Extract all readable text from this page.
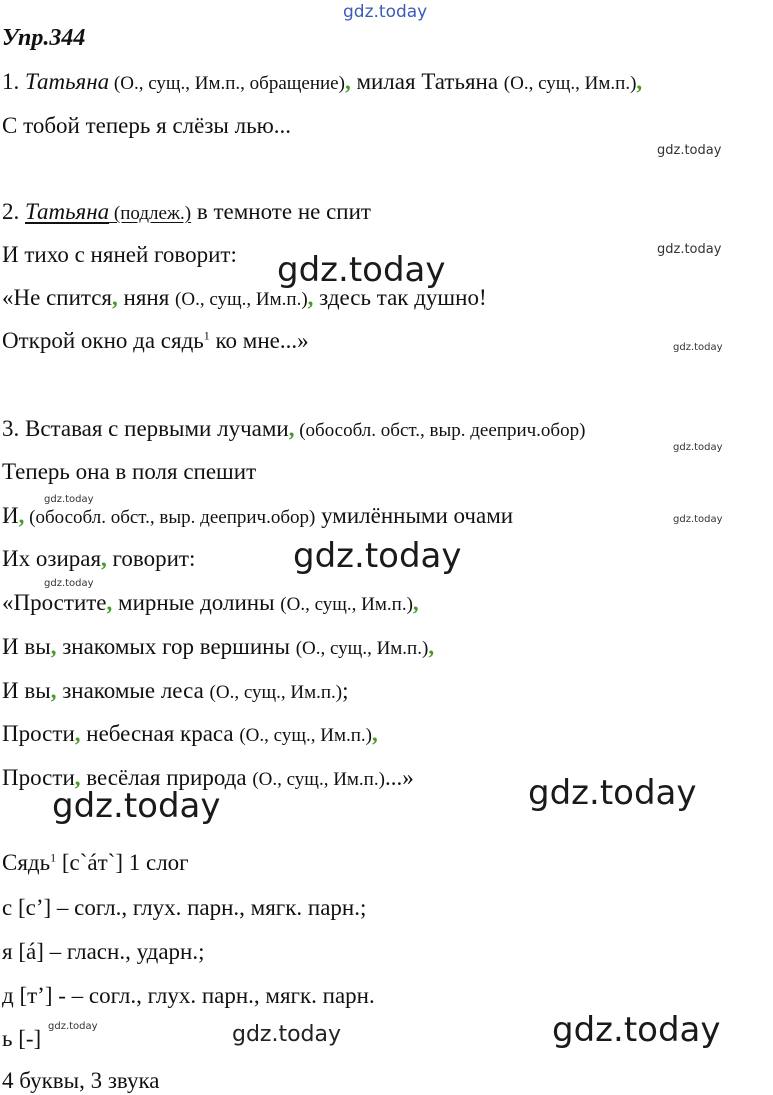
gdz.today
Упр.344
1. Татьяна (О., сущ., Им.п., обращение), милая Татьяна (О., сущ., Им.п.),
С тобой теперь я слёзы лью...
gdz.today
2. Татьяна (подлеж.) в темноте не спит
И тихо с няней говорит:	gdz.today
gdz.today
«Не спится, няня (О., сущ., Им.п.), здесь так душно!
Открой окно да сядь$^1$ ко мне...»	gdz.today
3. Вставая с первыми лучами, (обособл. обст., выр. дееприч.обор)
gdz.today
Теперь она в поля спешит
gdz.today
И, (обособл. обст., выр. дееприч.обор) умилёнными очами	gdz.today
Их озирая, говорит:	gdz.today
gdz.today
«Простите, мирные долины (О., сущ., Им.п.),
И вы, знакомых гор вершины (О., сущ., Им.п.),
И вы, знакомые леса (О., сущ., Им.п.);
Прости, небесная краса (О., сущ., Им.п.),
Прости, весёлая природа (О., сущ., Им.п.)...»	gdz.today
gdz.today
Сядь$^1$ [с`áт`] 1 слог
с [с’] – согл., глух. парн., мягк. парн.;
я [á] – гласн., ударн.;
д [т’] - – согл., глух. парн., мягк. парн.
gdz.today
gdz.today	gdz.today
ь [-]
4 буквы, 3 звука
